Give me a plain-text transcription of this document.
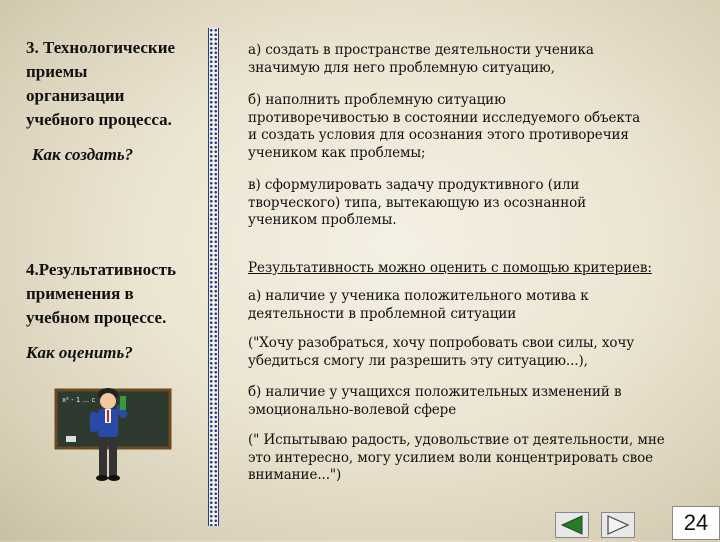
3. Технологические
приемы
организации
учебного процесса.
Как создать?
4.Результативность
применения в
учебном процессе.
Как оценить?
x² - 1 ... c
а) создать в пространстве деятельности ученика
значимую для него проблемную ситуацию,
б) наполнить проблемную ситуацию
противоречивостью в состоянии исследуемого объекта
и создать условия для осознания этого противоречия
учеником как проблемы;
в) сформулировать задачу продуктивного (или
творческого) типа, вытекающую из осознанной
учеником проблемы.
Результативность можно оценить с помощью критериев:
а) наличие у ученика положительного мотива к
деятельности в проблемной ситуации
("Хочу разобраться, хочу попробовать свои силы, хочу
убедиться смогу ли разрешить эту ситуацию...),
б) наличие у учащихся положительных изменений в
эмоционально-волевой сфере
(" Испытываю радость, удовольствие от деятельности, мне
это интересно, могу усилием воли концентрировать свое
внимание...")
24
